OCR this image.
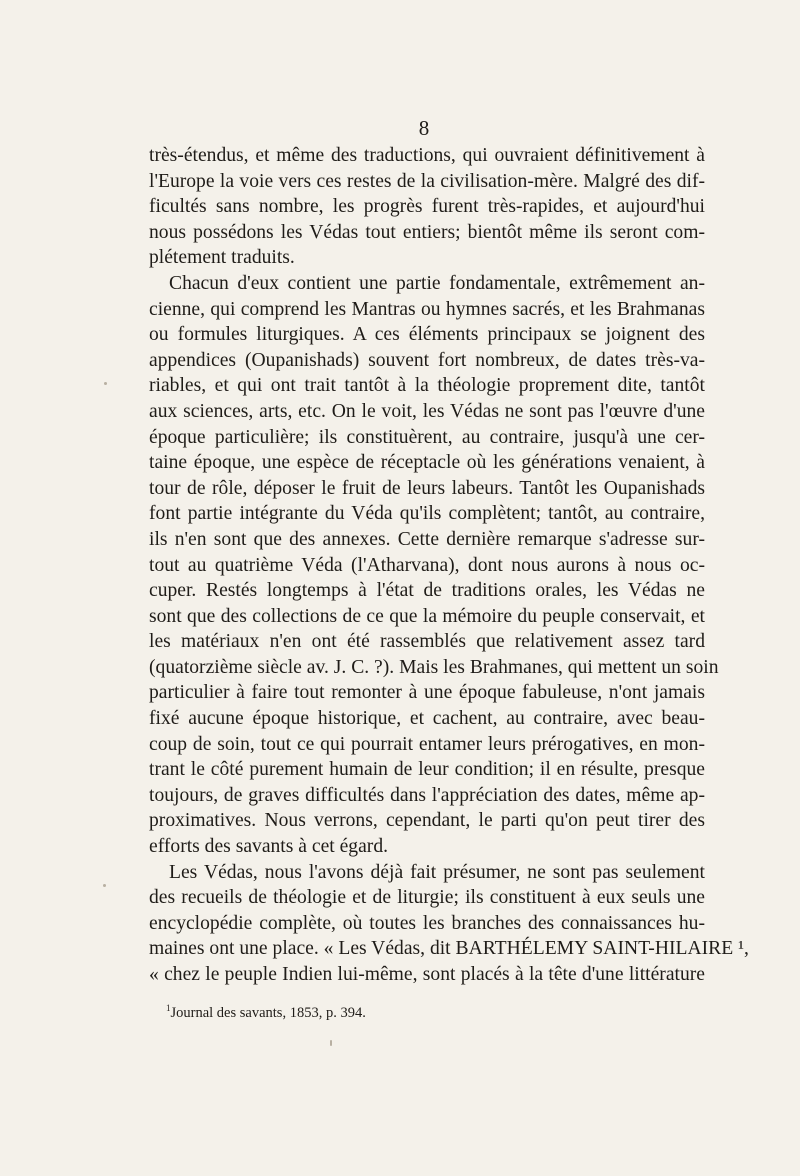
8
très-étendus, et même des traductions, qui ouvraient définitivement à
l'Europe la voie vers ces restes de la civilisation-mère. Malgré des dif-
ficultés sans nombre, les progrès furent très-rapides, et aujourd'hui
nous possédons les Védas tout entiers; bientôt même ils seront com-
plétement traduits.
Chacun d'eux contient une partie fondamentale, extrêmement an-
cienne, qui comprend les Mantras ou hymnes sacrés, et les Brahmanas
ou formules liturgiques. A ces éléments principaux se joignent des
appendices (Oupanishads) souvent fort nombreux, de dates très-va-
riables, et qui ont trait tantôt à la théologie proprement dite, tantôt
aux sciences, arts, etc. On le voit, les Védas ne sont pas l'œuvre d'une
époque particulière; ils constituèrent, au contraire, jusqu'à une cer-
taine époque, une espèce de réceptacle où les générations venaient, à
tour de rôle, déposer le fruit de leurs labeurs. Tantôt les Oupanishads
font partie intégrante du Véda qu'ils complètent; tantôt, au contraire,
ils n'en sont que des annexes. Cette dernière remarque s'adresse sur-
tout au quatrième Véda (l'Atharvana), dont nous aurons à nous oc-
cuper. Restés longtemps à l'état de traditions orales, les Védas ne
sont que des collections de ce que la mémoire du peuple conservait, et
les matériaux n'en ont été rassemblés que relativement assez tard
(quatorzième siècle av. J. C. ?). Mais les Brahmanes, qui mettent un soin
particulier à faire tout remonter à une époque fabuleuse, n'ont jamais
fixé aucune époque historique, et cachent, au contraire, avec beau-
coup de soin, tout ce qui pourrait entamer leurs prérogatives, en mon-
trant le côté purement humain de leur condition; il en résulte, presque
toujours, de graves difficultés dans l'appréciation des dates, même ap-
proximatives. Nous verrons, cependant, le parti qu'on peut tirer des
efforts des savants à cet égard.
Les Védas, nous l'avons déjà fait présumer, ne sont pas seulement
des recueils de théologie et de liturgie; ils constituent à eux seuls une
encyclopédie complète, où toutes les branches des connaissances hu-
maines ont une place. « Les Védas, dit BARTHÉLEMY SAINT-HILAIRE ¹,
« chez le peuple Indien lui-même, sont placés à la tête d'une littérature
$^1$Journal des savants, 1853, p. 394.
